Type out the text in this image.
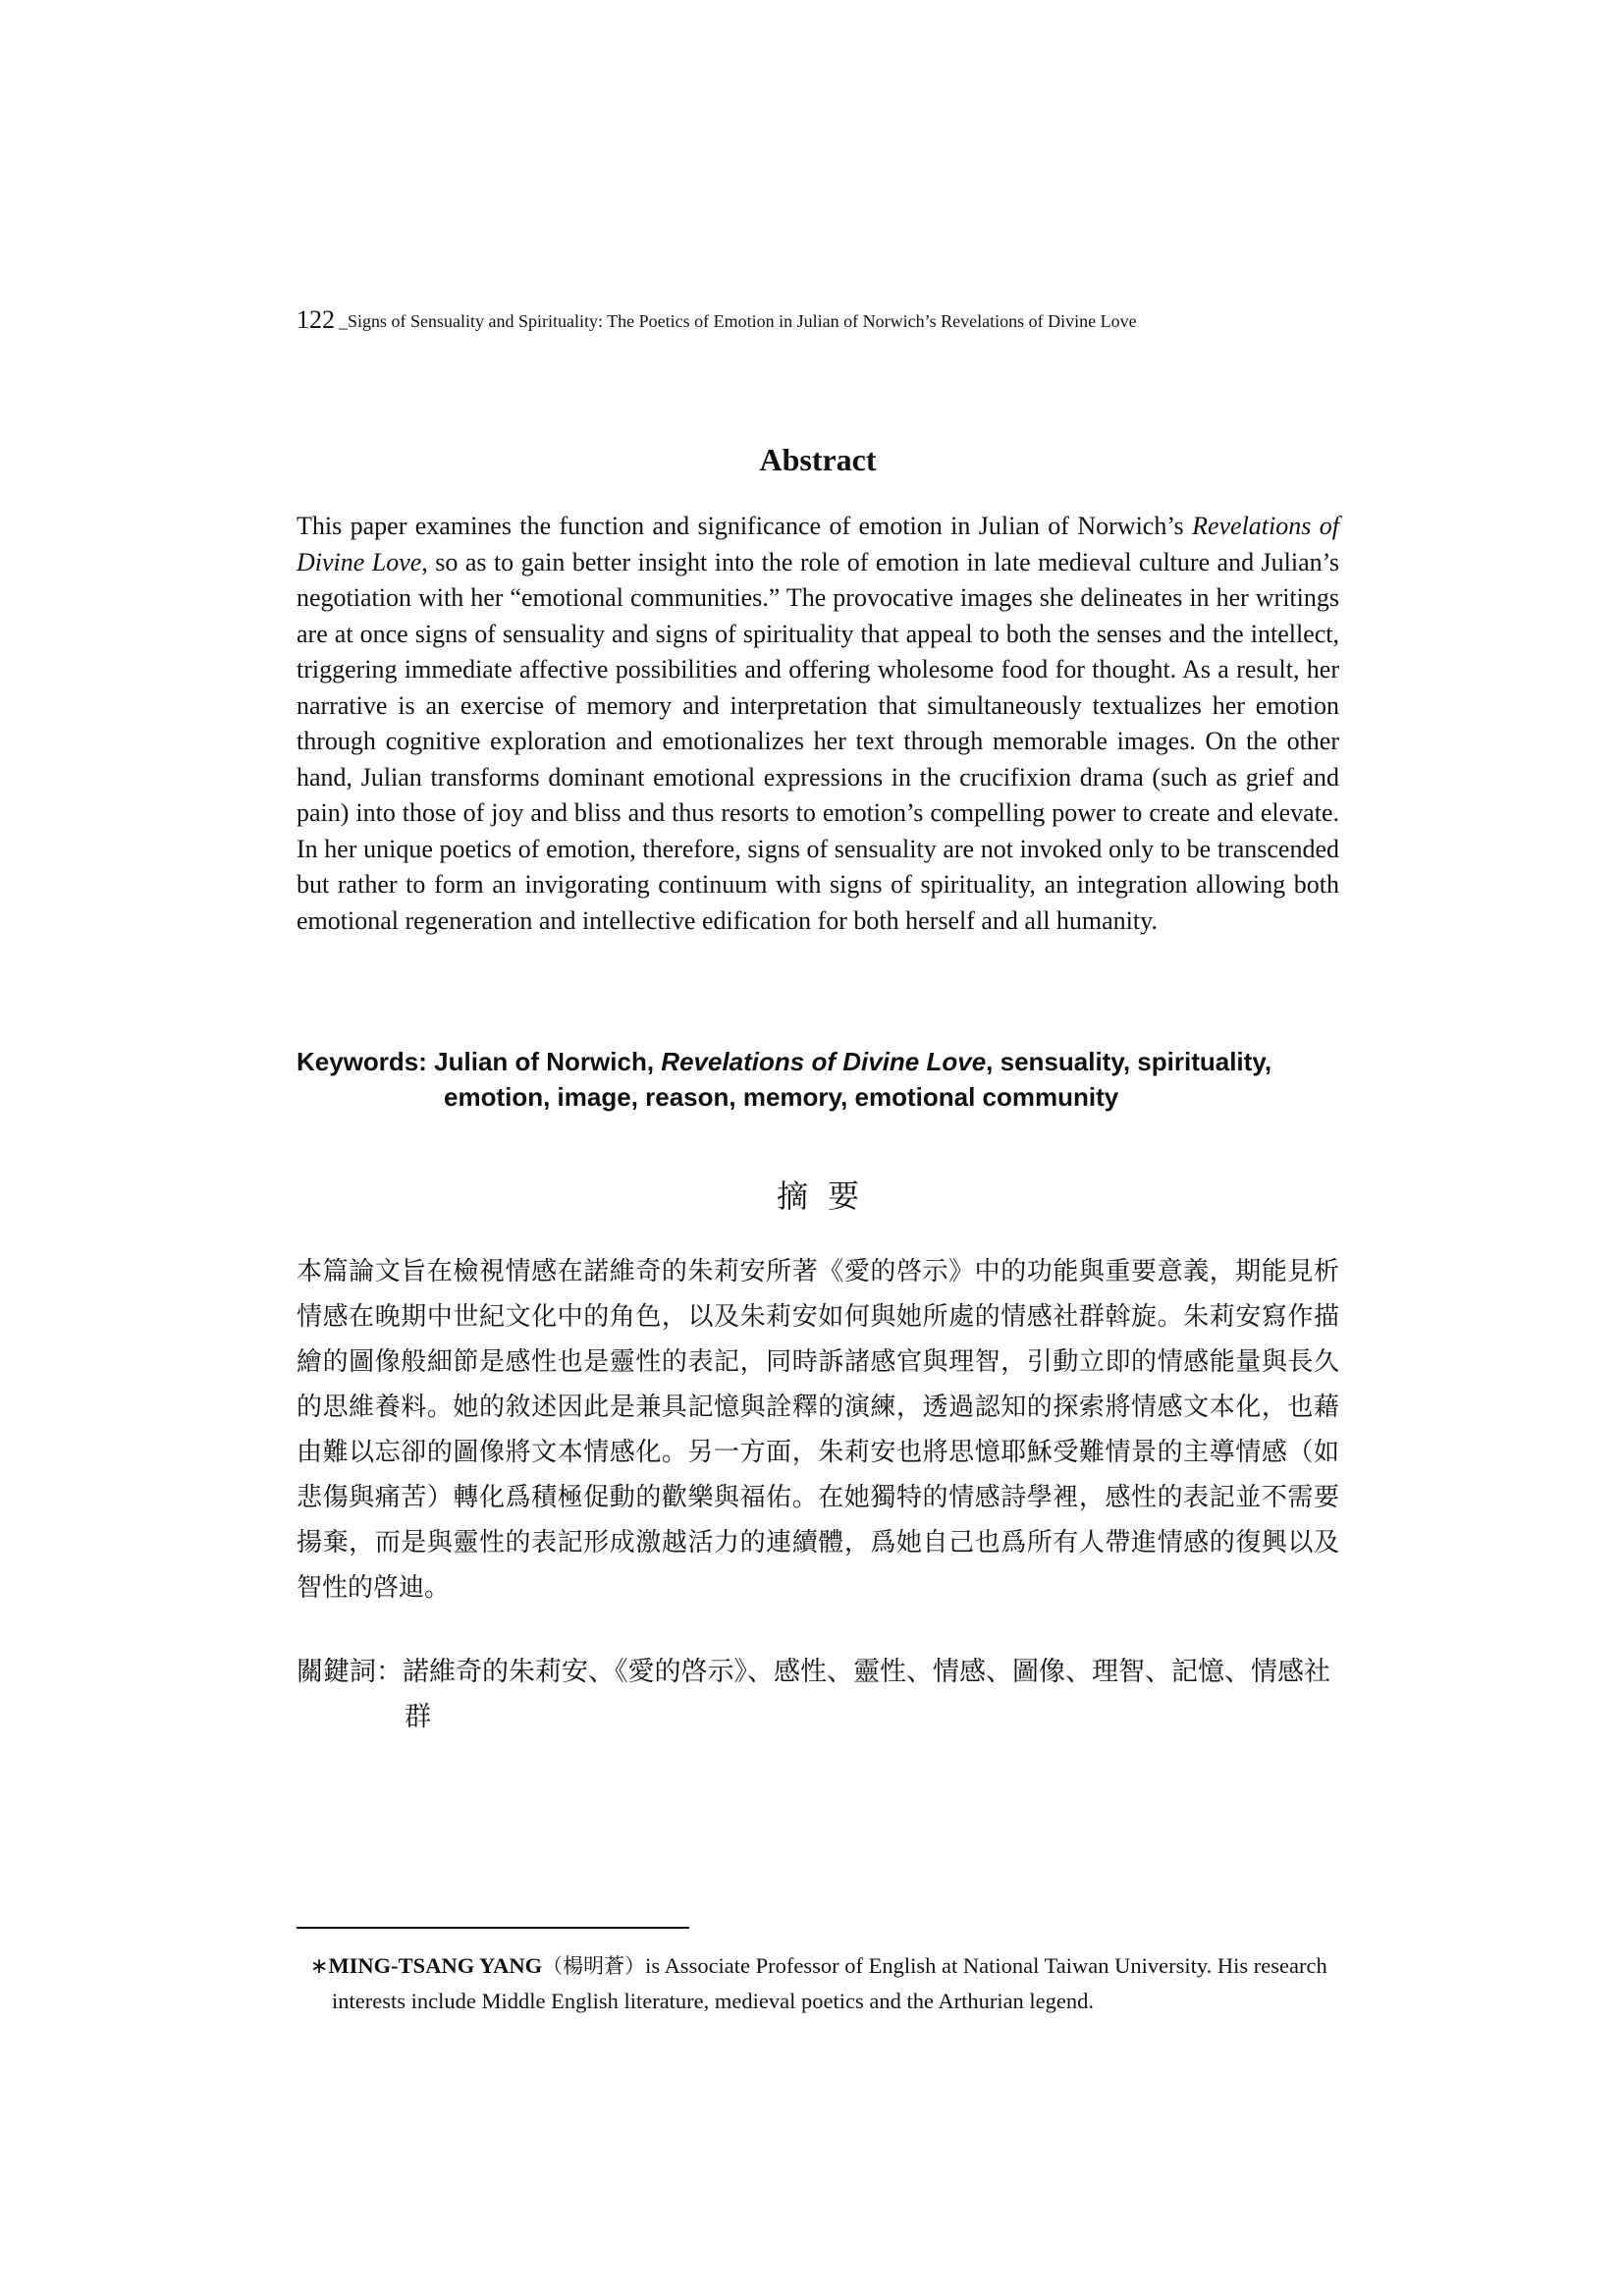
122 _Signs of Sensuality and Spirituality: The Poetics of Emotion in Julian of Norwich’s Revelations of Divine Love
Abstract

This paper examines the function and significance of emotion in Julian of Norwich’s Revelations of Divine Love, so as to gain better insight into the role of emotion in late medieval culture and Julian’s negotiation with her “emotional communities.” The provocative images she delineates in her writings are at once signs of sensuality and signs of spirituality that appeal to both the senses and the intellect, triggering immediate affective possibilities and offering wholesome food for thought. As a result, her narrative is an exercise of memory and interpretation that simultaneously textualizes her emotion through cognitive exploration and emotionalizes her text through memorable images. On the other hand, Julian transforms dominant emotional expressions in the crucifixion drama (such as grief and pain) into those of joy and bliss and thus resorts to emotion’s compelling power to create and elevate. In her unique poetics of emotion, therefore, signs of sensuality are not invoked only to be transcended but rather to form an invigorating continuum with signs of spirituality, an integration allowing both emotional regeneration and intellective edification for both herself and all humanity.

Keywords: Julian of Norwich, Revelations of Divine Love, sensuality, spirituality, emotion, image, reason, memory, emotional community
摘要

本篇論文旨在檢視情感在諾維奇的朱莉安所著《愛的啓示》中的功能與重要意義，期能見析情感在晚期中世紀文化中的角色，以及朱莉安如何與她所處的情感社群斡旋。朱莉安寫作描繪的圖像般細節是感性也是靈性的表記，同時訴諸感官與理智，引動立即的情感能量與長久的思維養料。她的敘述因此是兼具記憶與詮釋的演練，透過認知的探索將情感文本化，也藉由難以忘卻的圖像將文本情感化。另一方面，朱莉安也將思憶耶穌受難情景的主導情感（如悲傷與痛苦）轉化爲積極促動的歡樂與福佑。在她獨特的情感詩學裡，感性的表記並不需要揚棄，而是與靈性的表記形成激越活力的連續體，爲她自己也爲所有人帶進情感的復興以及智性的啓迪。

關鍵詞：諾維奇的朱莉安、《愛的啓示》、感性、靈性、情感、圖像、理智、記憶、情感社群
∗MING-TSANG YANG（楊明蒼）is Associate Professor of English at National Taiwan University. His research interests include Middle English literature, medieval poetics and the Arthurian legend.
